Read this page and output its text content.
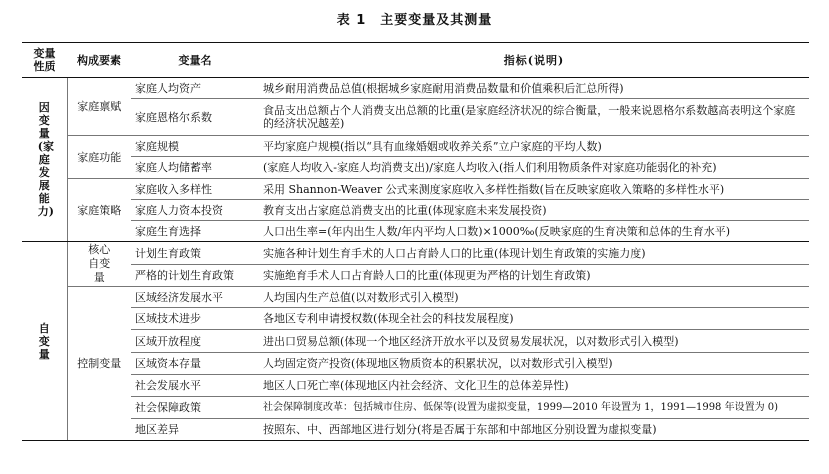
表 1　主要变量及其测量
变量性质	构成要素	变量名	指标(说明)
因变量(家庭发展能力)	家庭禀赋	家庭人均资产	城乡耐用消费品总值(根据城乡家庭耐用消费品数量和价值乘积后汇总所得)
		家庭恩格尔系数	食品支出总额占个人消费支出总额的比重(是家庭经济状况的综合衡量，一般来说恩格尔系数越高表明这个家庭的经济状况越差)
	家庭功能	家庭规模	平均家庭户规模(指以“具有血缘婚姻或收养关系”立户家庭的平均人数)
		家庭人均储蓄率	(家庭人均收入-家庭人均消费支出)/家庭人均收入(指人们利用物质条件对家庭功能弱化的补充)
	家庭策略	家庭收入多样性	采用 Shannon-Weaver 公式来测度家庭收入多样性指数(旨在反映家庭收入策略的多样性水平)
		家庭人力资本投资	教育支出占家庭总消费支出的比重(体现家庭未来发展投资)
		家庭生育选择	人口出生率=(年内出生人数/年内平均人口数)×1000‰(反映家庭的生育决策和总体的生育水平)
自变量	核心自变量	计划生育政策	实施各种计划生育手术的人口占育龄人口的比重(体现计划生育政策的实施力度)
		严格的计划生育政策	实施绝育手术人口占育龄人口的比重(体现更为严格的计划生育政策)
	控制变量	区域经济发展水平	人均国内生产总值(以对数形式引入模型)
		区域技术进步	各地区专利申请授权数(体现全社会的科技发展程度)
		区域开放程度	进出口贸易总额(体现一个地区经济开放水平以及贸易发展状况，以对数形式引入模型)
		区域资本存量	人均固定资产投资(体现地区物质资本的积累状况，以对数形式引入模型)
		社会发展水平	地区人口死亡率(体现地区内社会经济、文化卫生的总体差异性)
		社会保障政策	社会保障制度改革：包括城市住房、低保等(设置为虚拟变量，1999—2010 年设置为 1，1991—1998 年设置为 0)
		地区差异	按照东、中、西部地区进行划分(将是否属于东部和中部地区分别设置为虚拟变量)
